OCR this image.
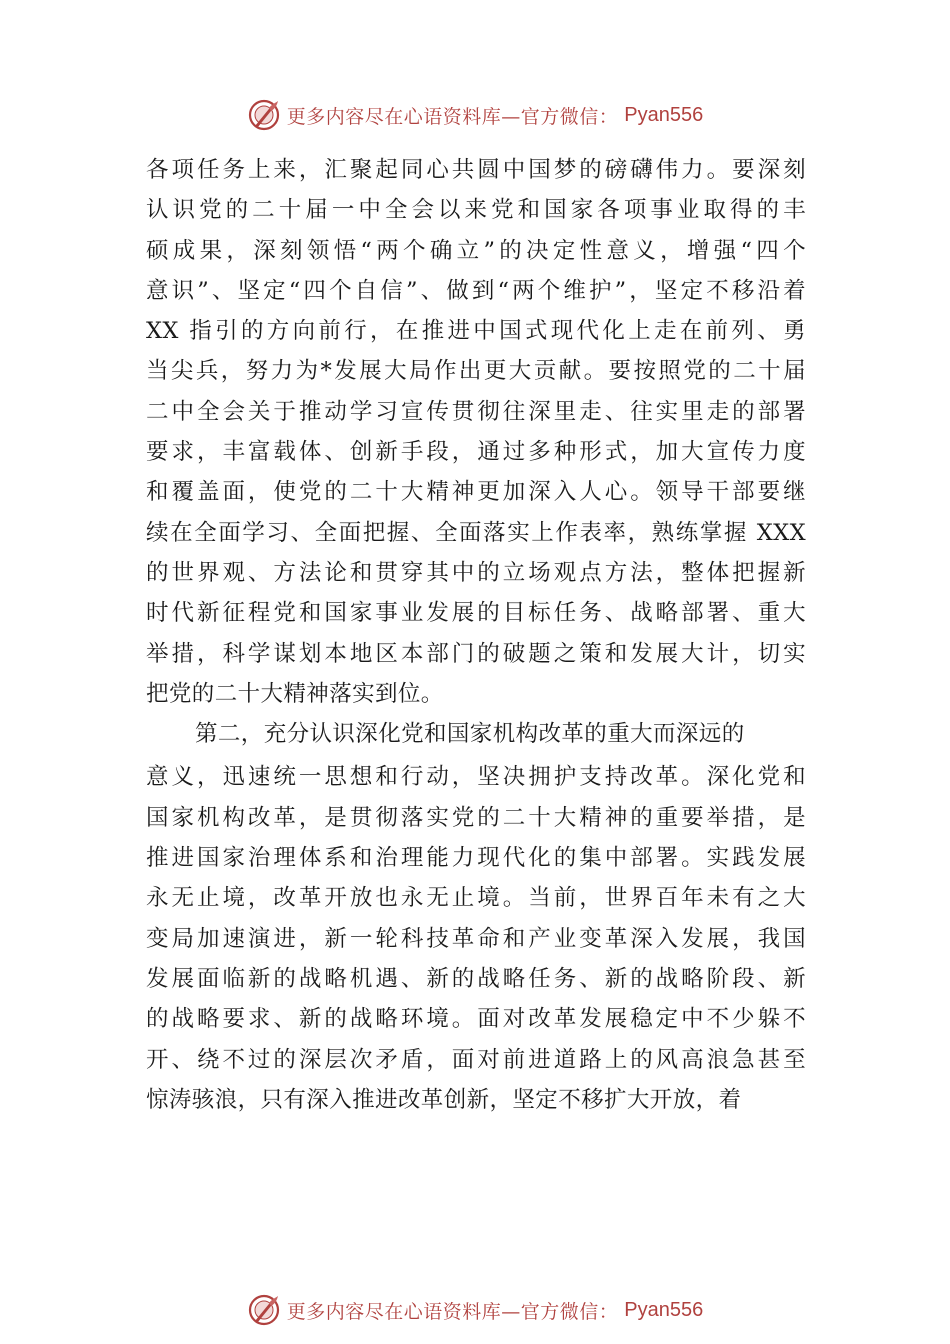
更多内容尽在心语资料库—官方微信： Pyan556
各项任务上来，汇聚起同心共圆中国梦的磅礴伟力。要深刻
认识党的二十届一中全会以来党和国家各项事业取得的丰
硕成果，深刻领悟“两个确立”的决定性意义，增强“四个
意识”、坚定“四个自信”、做到“两个维护”，坚定不移沿着
XX 指引的方向前行，在推进中国式现代化上走在前列、勇
当尖兵，努力为*发展大局作出更大贡献。要按照党的二十届
二中全会关于推动学习宣传贯彻往深里走、往实里走的部署
要求，丰富载体、创新手段，通过多种形式，加大宣传力度
和覆盖面，使党的二十大精神更加深入人心。领导干部要继
续在全面学习、全面把握、全面落实上作表率，熟练掌握 XXX
的世界观、方法论和贯穿其中的立场观点方法，整体把握新
时代新征程党和国家事业发展的目标任务、战略部署、重大
举措，科学谋划本地区本部门的破题之策和发展大计，切实
把党的二十大精神落实到位。
第二，充分认识深化党和国家机构改革的重大而深远的
意义，迅速统一思想和行动，坚决拥护支持改革。深化党和
国家机构改革，是贯彻落实党的二十大精神的重要举措，是
推进国家治理体系和治理能力现代化的集中部署。实践发展
永无止境，改革开放也永无止境。当前，世界百年未有之大
变局加速演进，新一轮科技革命和产业变革深入发展，我国
发展面临新的战略机遇、新的战略任务、新的战略阶段、新
的战略要求、新的战略环境。面对改革发展稳定中不少躲不
开、绕不过的深层次矛盾，面对前进道路上的风高浪急甚至
惊涛骇浪，只有深入推进改革创新，坚定不移扩大开放，着
更多内容尽在心语资料库—官方微信： Pyan556
